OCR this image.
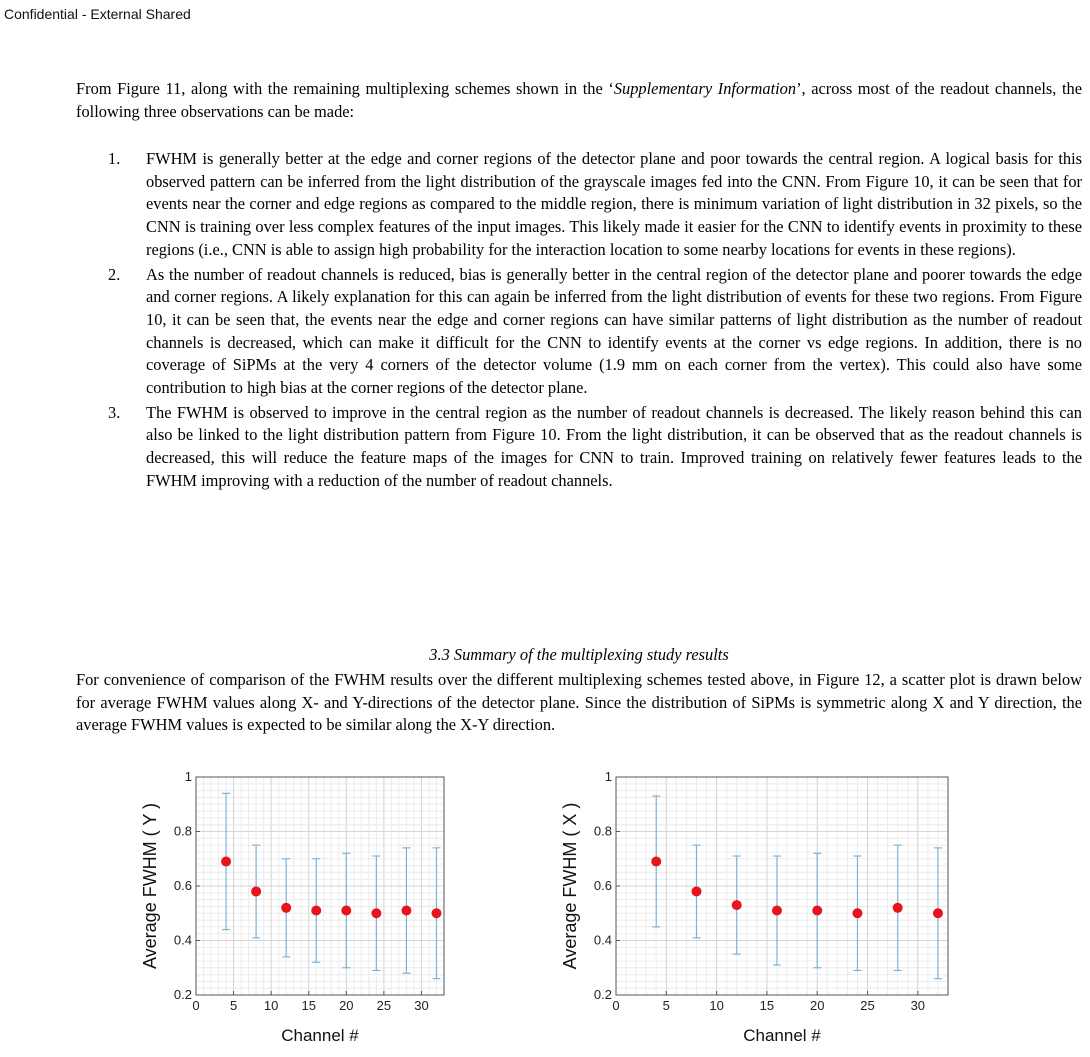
Confidential - External Shared

From Figure 11, along with the remaining multiplexing schemes shown in the ‘Supplementary Information’, across most of the readout channels, the following three observations can be made:

1. FWHM is generally better at the edge and corner regions of the detector plane and poor towards the central region. A logical basis for this observed pattern can be inferred from the light distribution of the grayscale images fed into the CNN. From Figure 10, it can be seen that for events near the corner and edge regions as compared to the middle region, there is minimum variation of light distribution in 32 pixels, so the CNN is training over less complex features of the input images. This likely made it easier for the CNN to identify events in proximity to these regions (i.e., CNN is able to assign high probability for the interaction location to some nearby locations for events in these regions).
2. As the number of readout channels is reduced, bias is generally better in the central region of the detector plane and poorer towards the edge and corner regions. A likely explanation for this can again be inferred from the light distribution of events for these two regions. From Figure 10, it can be seen that, the events near the edge and corner regions can have similar patterns of light distribution as the number of readout channels is decreased, which can make it difficult for the CNN to identify events at the corner vs edge regions. In addition, there is no coverage of SiPMs at the very 4 corners of the detector volume (1.9 mm on each corner from the vertex). This could also have some contribution to high bias at the corner regions of the detector plane.
3. The FWHM is observed to improve in the central region as the number of readout channels is decreased. The likely reason behind this can also be linked to the light distribution pattern from Figure 10. From the light distribution, it can be observed that as the readout channels is decreased, this will reduce the feature maps of the images for CNN to train. Improved training on relatively fewer features leads to the FWHM improving with a reduction of the number of readout channels.
3.3 Summary of the multiplexing study results

For convenience of comparison of the FWHM results over the different multiplexing schemes tested above, in Figure 12, a scatter plot is drawn below for average FWHM values along X- and Y-directions of the detector plane. Since the distribution of SiPMs is symmetric along X and Y direction, the average FWHM values is expected to be similar along the X-Y direction.

0 5 10 15 20 25 30
0.2
0.4
0.6
0.8
1
Channel #
Average FWHM ( Y )
0	5	10	15	20	25	30
0.2
0.4
0.6
0.8
1
Channel #
Average FWHM ( X )
